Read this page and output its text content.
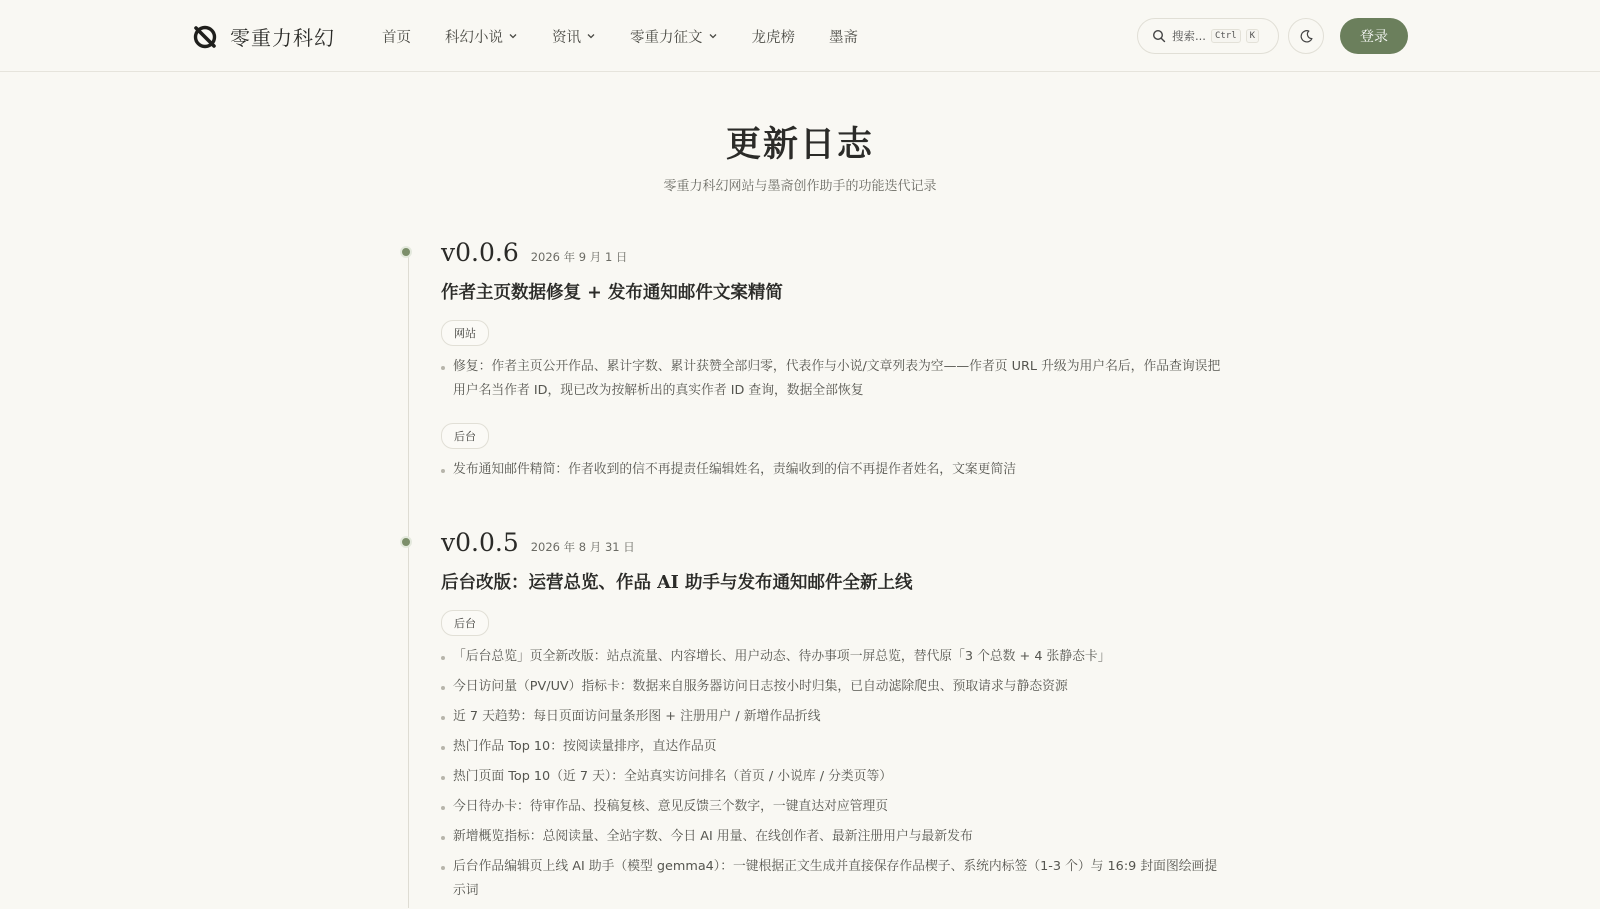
零重力科幻	首页 科幻小说	资讯	零重力征文	龙虎榜 墨斋	搜索...	Ctrl	K	登录
更新日志
零重力科幻网站与墨斋创作助手的功能迭代记录
v0.0.6 2026 年 9 月 1 日
作者主页数据修复 + 发布通知邮件文案精简
网站
修复：作者主页公开作品、累计字数、累计获赞全部归零，代表作与小说/文章列表为空——作者页 URL 升级为用户名后，作品查询误把用户名当作者 ID，现已改为按解析出的真实作者 ID 查询，数据全部恢复
后台
发布通知邮件精简：作者收到的信不再提责任编辑姓名，责编收到的信不再提作者姓名，文案更简洁
v0.0.5 2026 年 8 月 31 日
后台改版：运营总览、作品 AI 助手与发布通知邮件全新上线
后台
「后台总览」页全新改版：站点流量、内容增长、用户动态、待办事项一屏总览，替代原「3 个总数 + 4 张静态卡」
今日访问量（PV/UV）指标卡：数据来自服务器访问日志按小时归集，已自动滤除爬虫、预取请求与静态资源
近 7 天趋势：每日页面访问量条形图 + 注册用户 / 新增作品折线
热门作品 Top 10：按阅读量排序，直达作品页
热门页面 Top 10（近 7 天）：全站真实访问排名（首页 / 小说库 / 分类页等）
今日待办卡：待审作品、投稿复核、意见反馈三个数字，一键直达对应管理页
新增概览指标：总阅读量、全站字数、今日 AI 用量、在线创作者、最新注册用户与最新发布
后台作品编辑页上线 AI 助手（模型 gemma4）：一键根据正文生成并直接保存作品楔子、系统内标签（1-3 个）与 16:9 封面图绘画提示词
